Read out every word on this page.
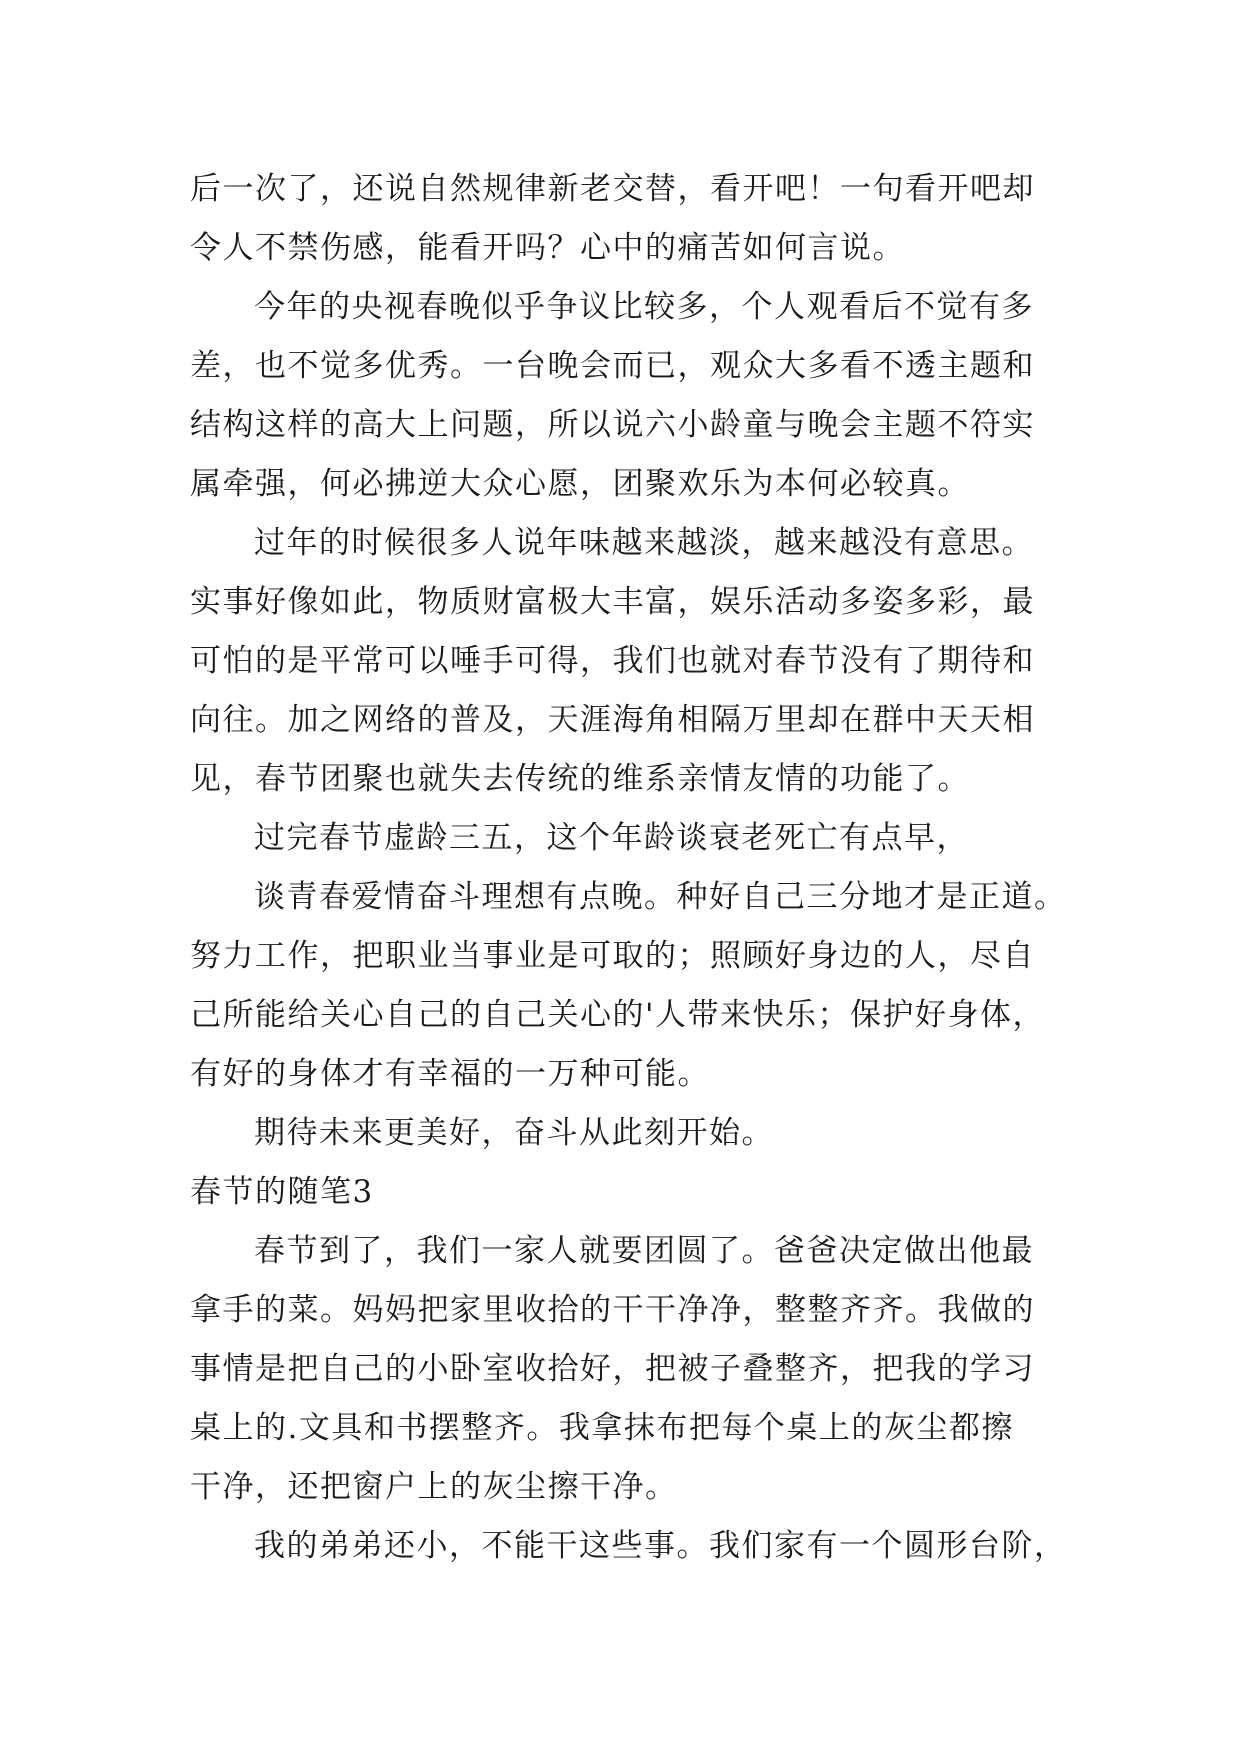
后一次了，还说自然规律新老交替，看开吧！一句看开吧却
令人不禁伤感，能看开吗？心中的痛苦如何言说。
今年的央视春晚似乎争议比较多，个人观看后不觉有多
差，也不觉多优秀。一台晚会而已，观众大多看不透主题和
结构这样的高大上问题，所以说六小龄童与晚会主题不符实
属牵强，何必拂逆大众心愿，团聚欢乐为本何必较真。
过年的时候很多人说年味越来越淡，越来越没有意思。
实事好像如此，物质财富极大丰富，娱乐活动多姿多彩，最
可怕的是平常可以唾手可得，我们也就对春节没有了期待和
向往。加之网络的普及，天涯海角相隔万里却在群中天天相
见，春节团聚也就失去传统的维系亲情友情的功能了。
过完春节虚龄三五，这个年龄谈衰老死亡有点早，
谈青春爱情奋斗理想有点晚。种好自己三分地才是正道。
努力工作，把职业当事业是可取的；照顾好身边的人，尽自
己所能给关心自己的自己关心的'人带来快乐；保护好身体，
有好的身体才有幸福的一万种可能。
期待未来更美好，奋斗从此刻开始。
春节的随笔3
春节到了，我们一家人就要团圆了。爸爸决定做出他最
拿手的菜。妈妈把家里收拾的干干净净，整整齐齐。我做的
事情是把自己的小卧室收拾好，把被子叠整齐，把我的学习
桌上的.文具和书摆整齐。我拿抹布把每个桌上的灰尘都擦
干净，还把窗户上的灰尘擦干净。
我的弟弟还小，不能干这些事。我们家有一个圆形台阶，
